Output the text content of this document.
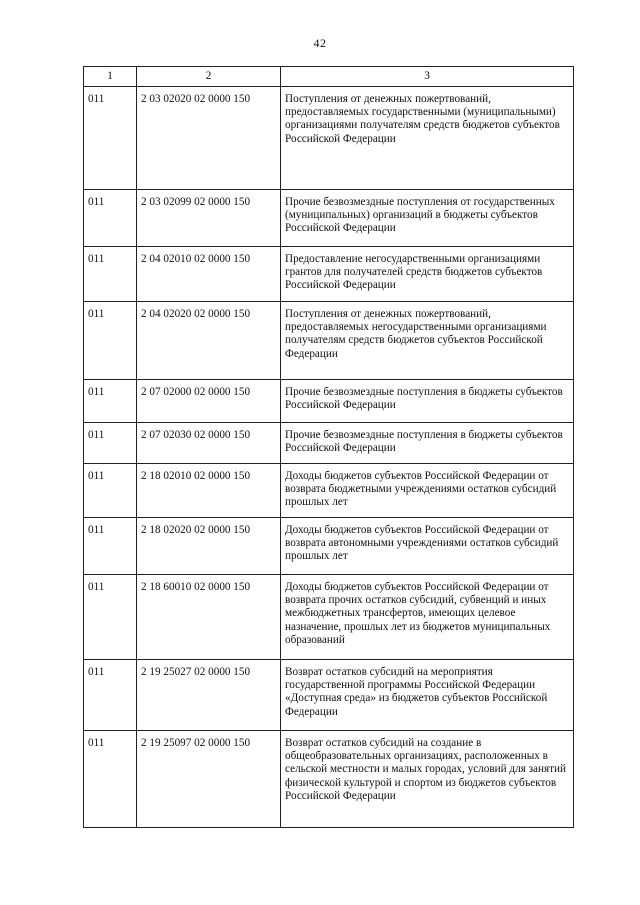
42
1	2	3
011	2 03 02020 02 0000 150	Поступления от денежных пожертвований, предоставляемых государственными (муниципальными) организациями получателям средств бюджетов субъектов Российской Федерации
011	2 03 02099 02 0000 150	Прочие безвозмездные поступления от государственных (муниципальных) организаций в бюджеты субъектов Российской Федерации
011	2 04 02010 02 0000 150	Предоставление негосударственными организациями грантов для получателей средств бюджетов субъектов Российской Федерации
011	2 04 02020 02 0000 150	Поступления от денежных пожертвований, предоставляемых негосударственными организациями получателям средств бюджетов субъектов Российской Федерации
011	2 07 02000 02 0000 150	Прочие безвозмездные поступления в бюджеты субъектов Российской Федерации
011	2 07 02030 02 0000 150	Прочие безвозмездные поступления в бюджеты субъектов Российской Федерации
011	2 18 02010 02 0000 150	Доходы бюджетов субъектов Российской Федерации от возврата бюджетными учреждениями остатков субсидий прошлых лет
011	2 18 02020 02 0000 150	Доходы бюджетов субъектов Российской Федерации от возврата автономными учреждениями остатков субсидий прошлых лет
011	2 18 60010 02 0000 150	Доходы бюджетов субъектов Российской Федерации от возврата прочих остатков субсидий, субвенций и иных межбюджетных трансфертов, имеющих целевое назначение, прошлых лет из бюджетов муниципальных образований
011	2 19 25027 02 0000 150	Возврат остатков субсидий на мероприятия государственной программы Российской Федерации «Доступная среда» из бюджетов субъектов Российской Федерации
011	2 19 25097 02 0000 150	Возврат остатков субсидий на создание в общеобразовательных организациях, расположенных в сельской местности и малых городах, условий для занятий физической культурой и спортом из бюджетов субъектов Российской Федерации
